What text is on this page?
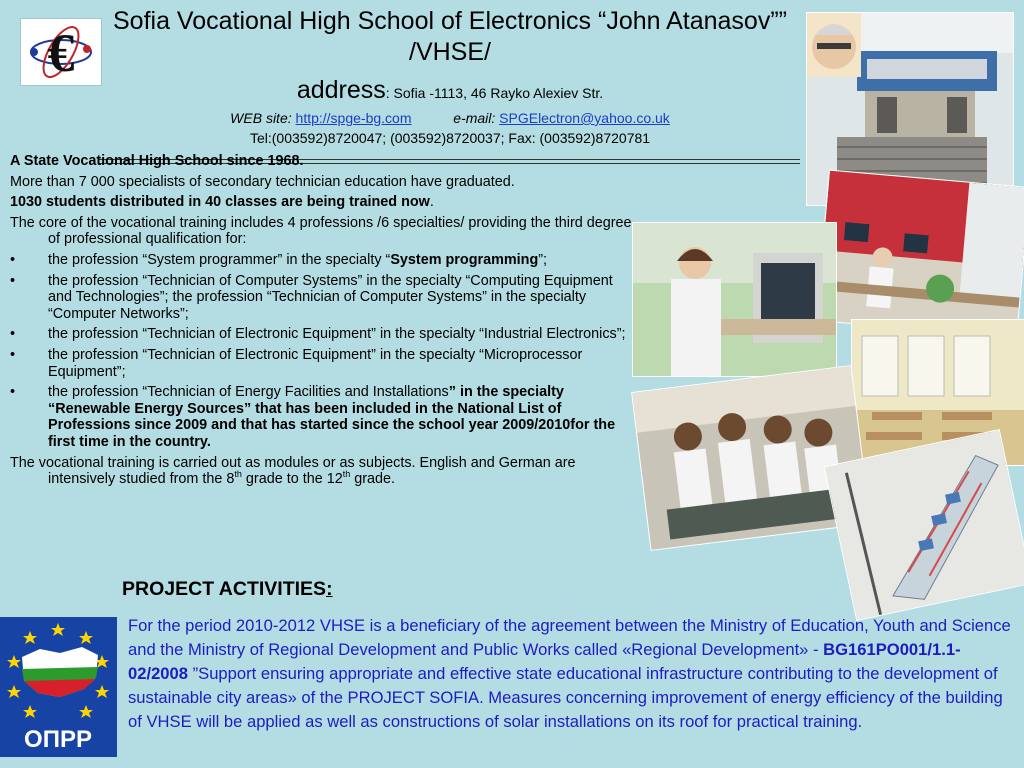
€
Sofia Vocational High School of Electronics “John Atanasov”” /VHSE/
address: Sofia -1113, 46 Rayko Alexiev Str.
WEB site: http://spge-bg.com	e-mail: SPGElectron@yahoo.co.uk
Tel:(003592)8720047; (003592)8720037; Fax: (003592)8720781

A State Vocational High School since 1968.

More than 7 000 specialists of secondary technician education have graduated.

1030 students distributed in 40 classes are being trained now.

The core of the vocational training includes 4 professions /6 specialties/ providing the third degree of professional qualification for:

• the profession “System programmer” in the specialty “System programming”;
• the profession “Technician of Computer Systems” in the specialty “Computing Equipment and Technologies”; the profession “Technician of Computer Systems” in the specialty “Computer Networks”;
• the profession “Technician of Electronic Equipment” in the specialty “Industrial Electronics”;
• the profession “Technician of Electronic Equipment” in the specialty “Microprocessor Equipment”;
• the profession “Technician of Energy Facilities and Installations” in the specialty “Renewable Energy Sources” that has been included in the National List of Professions since 2009 and that has started since the school year 2009/2010for the first time in the country.

The vocational training is carried out as modules or as subjects. English and German are intensively studied from the 8th grade to the 12th grade.

PROJECT ACTIVITIES:
ОПРР
For the period 2010-2012 VHSE is a beneficiary of the agreement between the Ministry of Education, Youth and Science and the Ministry of Regional Development and Public Works called «Regional Development» - BG161PO001/1.1-02/2008 ”Support ensuring appropriate and effective state educational infrastructure contributing to the development of sustainable city areas» of the PROJECT SOFIA. Measures concerning improvement of energy efficiency of the building of VHSE will be applied as well as constructions of solar installations on its roof for practical training.
